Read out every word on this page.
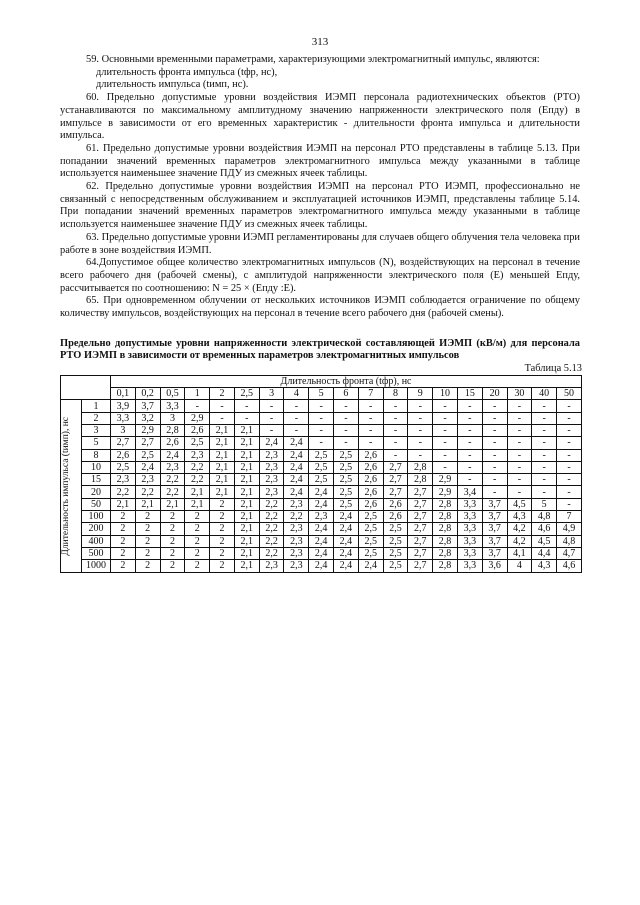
313

59. Основными временными параметрами, характеризующими электромагнитный импульс, являются:

длительность фронта импульса (tфр, нс),

длительность импульса (tимп, нс).

60. Предельно допустимые уровни воздействия ИЭМП персонала радиотехнических объектов (РТО) устанавливаются по максимальному амплитудному значению напряженности электрического поля (Eпду) в импульсе в зависимости от его временных характеристик - длительности фронта импульса и длительности импульса.

61. Предельно допустимые уровни воздействия ИЭМП на персонал РТО представлены в таблице 5.13. При попадании значений временных параметров электромагнитного импульса между указанными в таблице используется наименьшее значение ПДУ из смежных ячеек таблицы.

62. Предельно допустимые уровни воздействия ИЭМП на персонал РТО ИЭМП, профессионально не связанный с непосредственным обслуживанием и эксплуатацией источников ИЭМП, представлены таблице 5.14. При попадании значений временных параметров электромагнитного импульса между указанными в таблице используется наименьшее значение ПДУ из смежных ячеек таблицы.

63. Предельно допустимые уровни ИЭМП регламентированы для случаев общего облучения тела человека при работе в зоне воздействия ИЭМП.

64.Допустимое общее количество электромагнитных импульсов (N), воздействующих на персонал в течение всего рабочего дня (рабочей смены), с амплитудой напряженности электрического поля (E) меньшей Eпду, рассчитывается по соотношению: N = 25 × (Eпду :E).

65. При одновременном облучении от нескольких источников ИЭМП соблюдается ограничение по общему количеству импульсов, воздействующих на персонал в течение всего рабочего дня (рабочей смены).

Предельно допустимые уровни напряженности электрической составляющей ИЭМП (кВ/м) для персонала РТО ИЭМП в зависимости от временных параметров электромагнитных импульсов
Таблица 5.13
		Длительность фронта (tфр), нс																		
		0,1	0,2	0,5	1	2	2,5	3	4	5	6	7	8	9	10	15	20	30	40	50

Длительность импульса (tимп), нс	1	3,9	3,7	3,3	-	-	-	-	-	-	-	-	-	-	-	-	-	-	-	-
	2	3,3	3,2	3	2,9	-	-	-	-	-	-	-	-	-	-	-	-	-	-	-
	3	3	2,9	2,8	2,6	2,1	2,1	-	-	-	-	-	-	-	-	-	-	-	-	-
	5	2,7	2,7	2,6	2,5	2,1	2,1	2,4	2,4	-	-	-	-	-	-	-	-	-	-	-
	8	2,6	2,5	2,4	2,3	2,1	2,1	2,3	2,4	2,5	2,5	2,6	-	-	-	-	-	-	-	-
	10	2,5	2,4	2,3	2,2	2,1	2,1	2,3	2,4	2,5	2,5	2,6	2,7	2,8	-	-	-	-	-	-
	15	2,3	2,3	2,2	2,2	2,1	2,1	2,3	2,4	2,5	2,5	2,6	2,7	2,8	2,9	-	-	-	-	-
	20	2,2	2,2	2,2	2,1	2,1	2,1	2,3	2,4	2,4	2,5	2,6	2,7	2,7	2,9	3,4	-	-	-	-
	50	2,1	2,1	2,1	2,1	2	2,1	2,2	2,3	2,4	2,5	2,6	2,6	2,7	2,8	3,3	3,7	4,5	5	-
	100	2	2	2	2	2	2,1	2,2	2,2	2,3	2,4	2,5	2,6	2,7	2,8	3,3	3,7	4,3	4,8	7
	200	2	2	2	2	2	2,1	2,2	2,3	2,4	2,4	2,5	2,5	2,7	2,8	3,3	3,7	4,2	4,6	4,9
	400	2	2	2	2	2	2,1	2,2	2,3	2,4	2,4	2,5	2,5	2,7	2,8	3,3	3,7	4,2	4,5	4,8
	500	2	2	2	2	2	2,1	2,2	2,3	2,4	2,4	2,5	2,5	2,7	2,8	3,3	3,7	4,1	4,4	4,7
	1000	2	2	2	2	2	2,1	2,3	2,3	2,4	2,4	2,4	2,5	2,7	2,8	3,3	3,6	4	4,3	4,6
